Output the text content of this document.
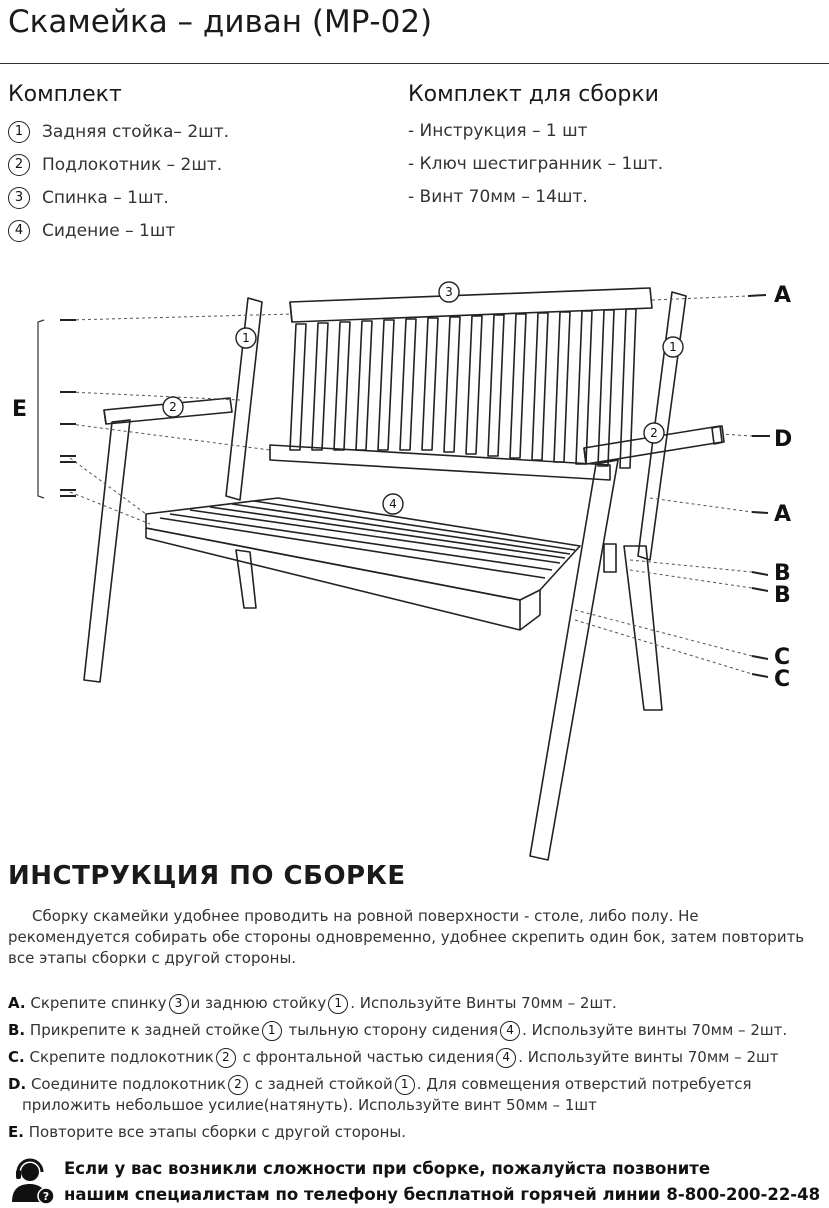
Скамейка – диван (МР-02)
Комплект
1	Задняя стойка– 2шт.
2	Подлокотник – 2шт.
3	Спинка – 1шт.
4	Сидение – 1шт
Комплект для сборки
- Инструкция – 1 шт
- Ключ шестигранник – 1шт.
- Винт 70мм – 14шт.
3
1
1
2
2
4
A
D
A
B
B
C
C
E
ИНСТРУКЦИЯ ПО СБОРКЕ

Сборку скамейки удобнее проводить на ровной поверхности - столе, либо полу. Не рекомендуется собирать обе стороны одновременно, удобнее скрепить один бок, затем повторить все этапы сборки с другой стороны.

A. Скрепите спинку 3 и заднюю стойку 1 . Используйте Винты 70мм – 2шт.
B. Прикрепите к задней стойке 1 тыльную сторону сидения 4 . Используйте винты 70мм – 2шт.
C. Скрепите подлокотник 2 с фронтальной частью сидения 4 . Используйте винты 70мм – 2шт
D. Соедините подлокотник 2 с задней стойкой 1 . Для совмещения отверстий потребуется
приложить небольшое усилие(натянуть). Используйте винт 50мм – 1шт
E. Повторите все этапы сборки с другой стороны.
?
Если у вас возникли сложности при сборке, пожалуйста позвоните
нашим специалистам по телефону бесплатной горячей линии 8-800-200-22-48
